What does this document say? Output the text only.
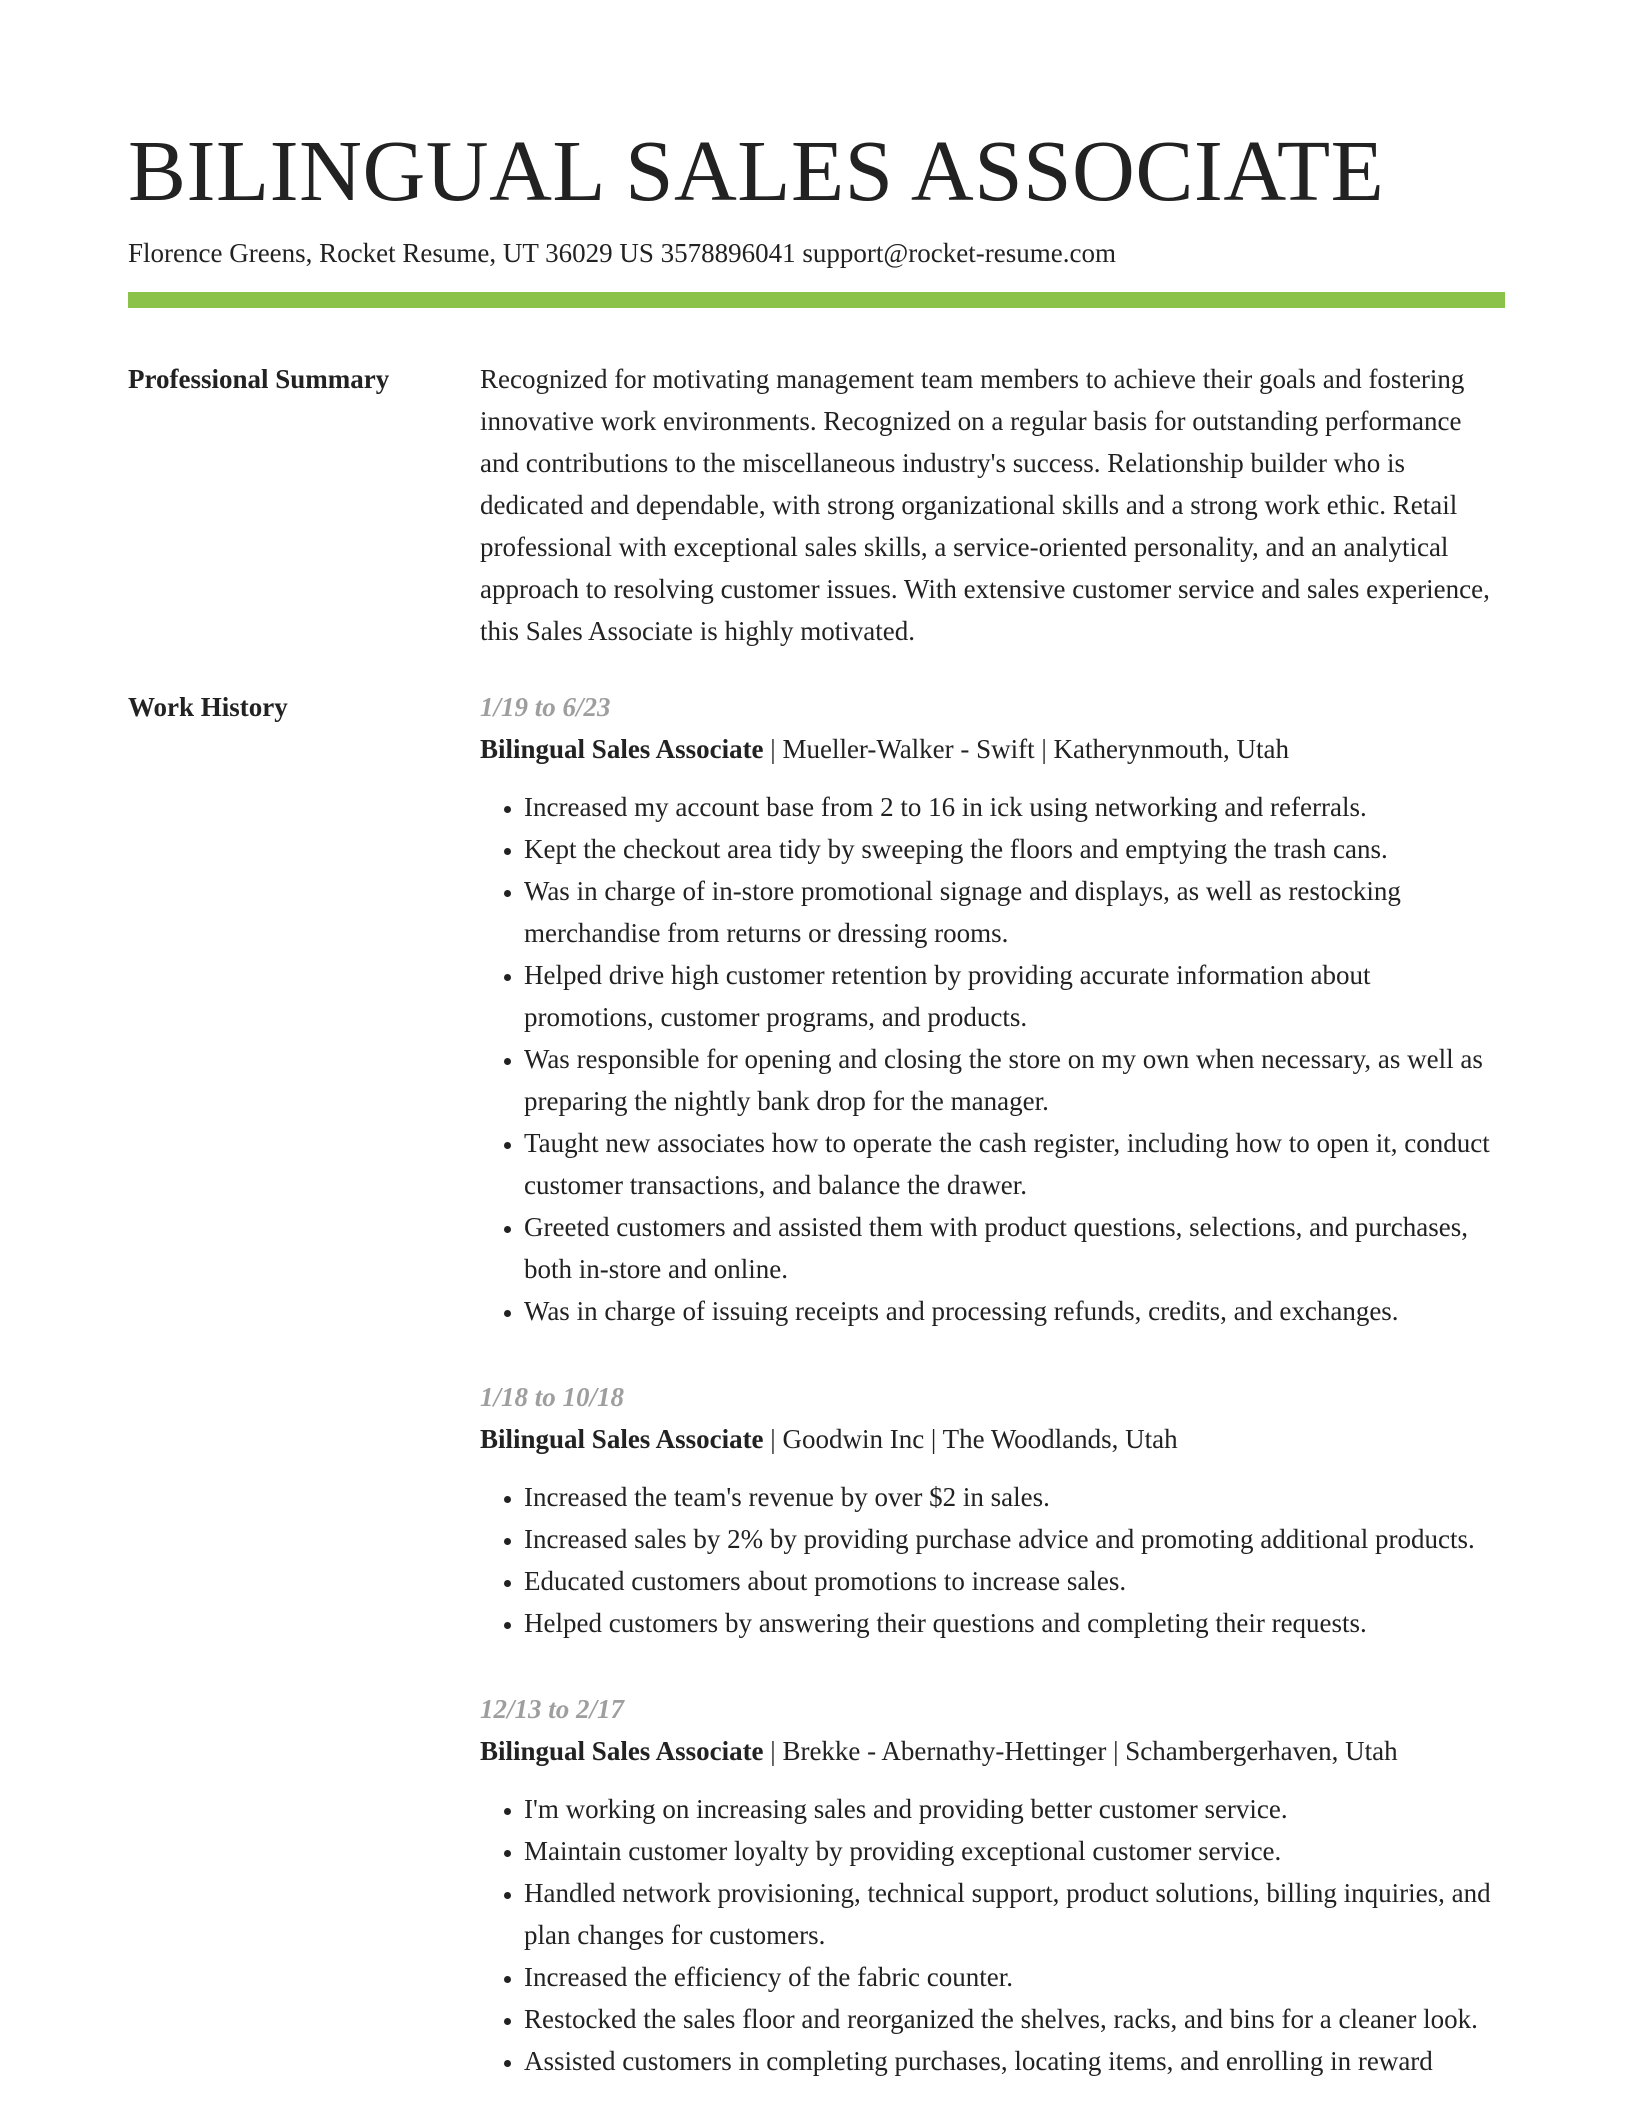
BILINGUAL SALES ASSOCIATE
Florence Greens, Rocket Resume, UT 36029 US 3578896041 support@rocket-resume.com
Professional Summary	Recognized for motivating management team members to achieve their goals and fostering innovative work environments. Recognized on a regular basis for outstanding performance and contributions to the miscellaneous industry's success. Relationship builder who is dedicated and dependable, with strong organizational skills and a strong work ethic. Retail professional with exceptional sales skills, a service-oriented personality, and an analytical approach to resolving customer issues. With extensive customer service and sales experience, this Sales Associate is highly motivated.

Work History	1/19 to 6/23
Bilingual Sales Associate | Mueller-Walker - Swift | Katherynmouth, Utah
• Increased my account base from 2 to 16 in ick using networking and referrals.
• Kept the checkout area tidy by sweeping the floors and emptying the trash cans.
• Was in charge of in-store promotional signage and displays, as well as restocking merchandise from returns or dressing rooms.
• Helped drive high customer retention by providing accurate information about promotions, customer programs, and products.
• Was responsible for opening and closing the store on my own when necessary, as well as preparing the nightly bank drop for the manager.
• Taught new associates how to operate the cash register, including how to open it, conduct customer transactions, and balance the drawer.
• Greeted customers and assisted them with product questions, selections, and purchases, both in-store and online.
• Was in charge of issuing receipts and processing refunds, credits, and exchanges.
1/18 to 10/18
Bilingual Sales Associate | Goodwin Inc | The Woodlands, Utah
• Increased the team's revenue by over $2 in sales.
• Increased sales by 2% by providing purchase advice and promoting additional products.
• Educated customers about promotions to increase sales.
• Helped customers by answering their questions and completing their requests.
12/13 to 2/17
Bilingual Sales Associate | Brekke - Abernathy-Hettinger | Schambergerhaven, Utah
• I'm working on increasing sales and providing better customer service.
• Maintain customer loyalty by providing exceptional customer service.
• Handled network provisioning, technical support, product solutions, billing inquiries, and plan changes for customers.
• Increased the efficiency of the fabric counter.
• Restocked the sales floor and reorganized the shelves, racks, and bins for a cleaner look.
• Assisted customers in completing purchases, locating items, and enrolling in reward
